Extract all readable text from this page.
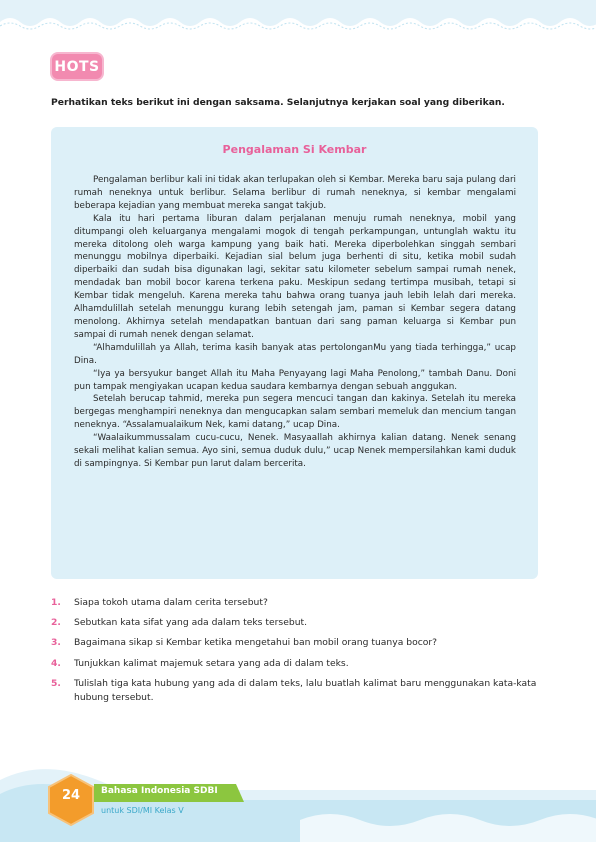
HOTS
Perhatikan teks berikut ini dengan saksama. Selanjutnya kerjakan soal yang diberikan.
Pengalaman Si Kembar

Pengalaman berlibur kali ini tidak akan terlupakan oleh si Kembar. Mereka baru saja pulang dari rumah neneknya untuk berlibur. Selama berlibur di rumah neneknya, si kembar mengalami beberapa kejadian yang membuat mereka sangat takjub.

Kala itu hari pertama liburan dalam perjalanan menuju rumah neneknya, mobil yang ditumpangi oleh keluarganya mengalami mogok di tengah perkampungan, untunglah waktu itu mereka ditolong oleh warga kampung yang baik hati. Mereka diperbolehkan singgah sembari menunggu mobilnya diperbaiki. Kejadian sial belum juga berhenti di situ, ketika mobil sudah diperbaiki dan sudah bisa digunakan lagi, sekitar satu kilometer sebelum sampai rumah nenek, mendadak ban mobil bocor karena terkena paku. Meskipun sedang tertimpa musibah, tetapi si Kembar tidak mengeluh. Karena mereka tahu bahwa orang tuanya jauh lebih lelah dari mereka. Alhamdulillah setelah menunggu kurang lebih setengah jam, paman si Kembar segera datang menolong. Akhirnya setelah mendapatkan bantuan dari sang paman keluarga si Kembar pun sampai di rumah nenek dengan selamat.

“Alhamdulillah ya Allah, terima kasih banyak atas pertolonganMu yang tiada terhingga,” ucap Dina.

“Iya ya bersyukur banget Allah itu Maha Penyayang lagi Maha Penolong,” tambah Danu. Doni pun tampak mengiyakan ucapan kedua saudara kembarnya dengan sebuah anggukan.

Setelah berucap tahmid, mereka pun segera mencuci tangan dan kakinya. Setelah itu mereka bergegas menghampiri neneknya dan mengucapkan salam sembari memeluk dan mencium tangan neneknya. “Assalamualaikum Nek, kami datang,” ucap Dina.

“Waalaikummussalam cucu-cucu, Nenek. Masyaallah akhirnya kalian datang. Nenek senang sekali melihat kalian semua. Ayo sini, semua duduk dulu,” ucap Nenek mempersilahkan kami duduk di sampingnya. Si Kembar pun larut dalam bercerita.

1. Siapa tokoh utama dalam cerita tersebut?
2. Sebutkan kata sifat yang ada dalam teks tersebut.
3. Bagaimana sikap si Kembar ketika mengetahui ban mobil orang tuanya bocor?
4. Tunjukkan kalimat majemuk setara yang ada di dalam teks.
5. Tulislah tiga kata hubung yang ada di dalam teks, lalu buatlah kalimat baru menggunakan kata-kata hubung tersebut.
24	Bahasa Indonesia SDBI
untuk SDI/MI Kelas V
